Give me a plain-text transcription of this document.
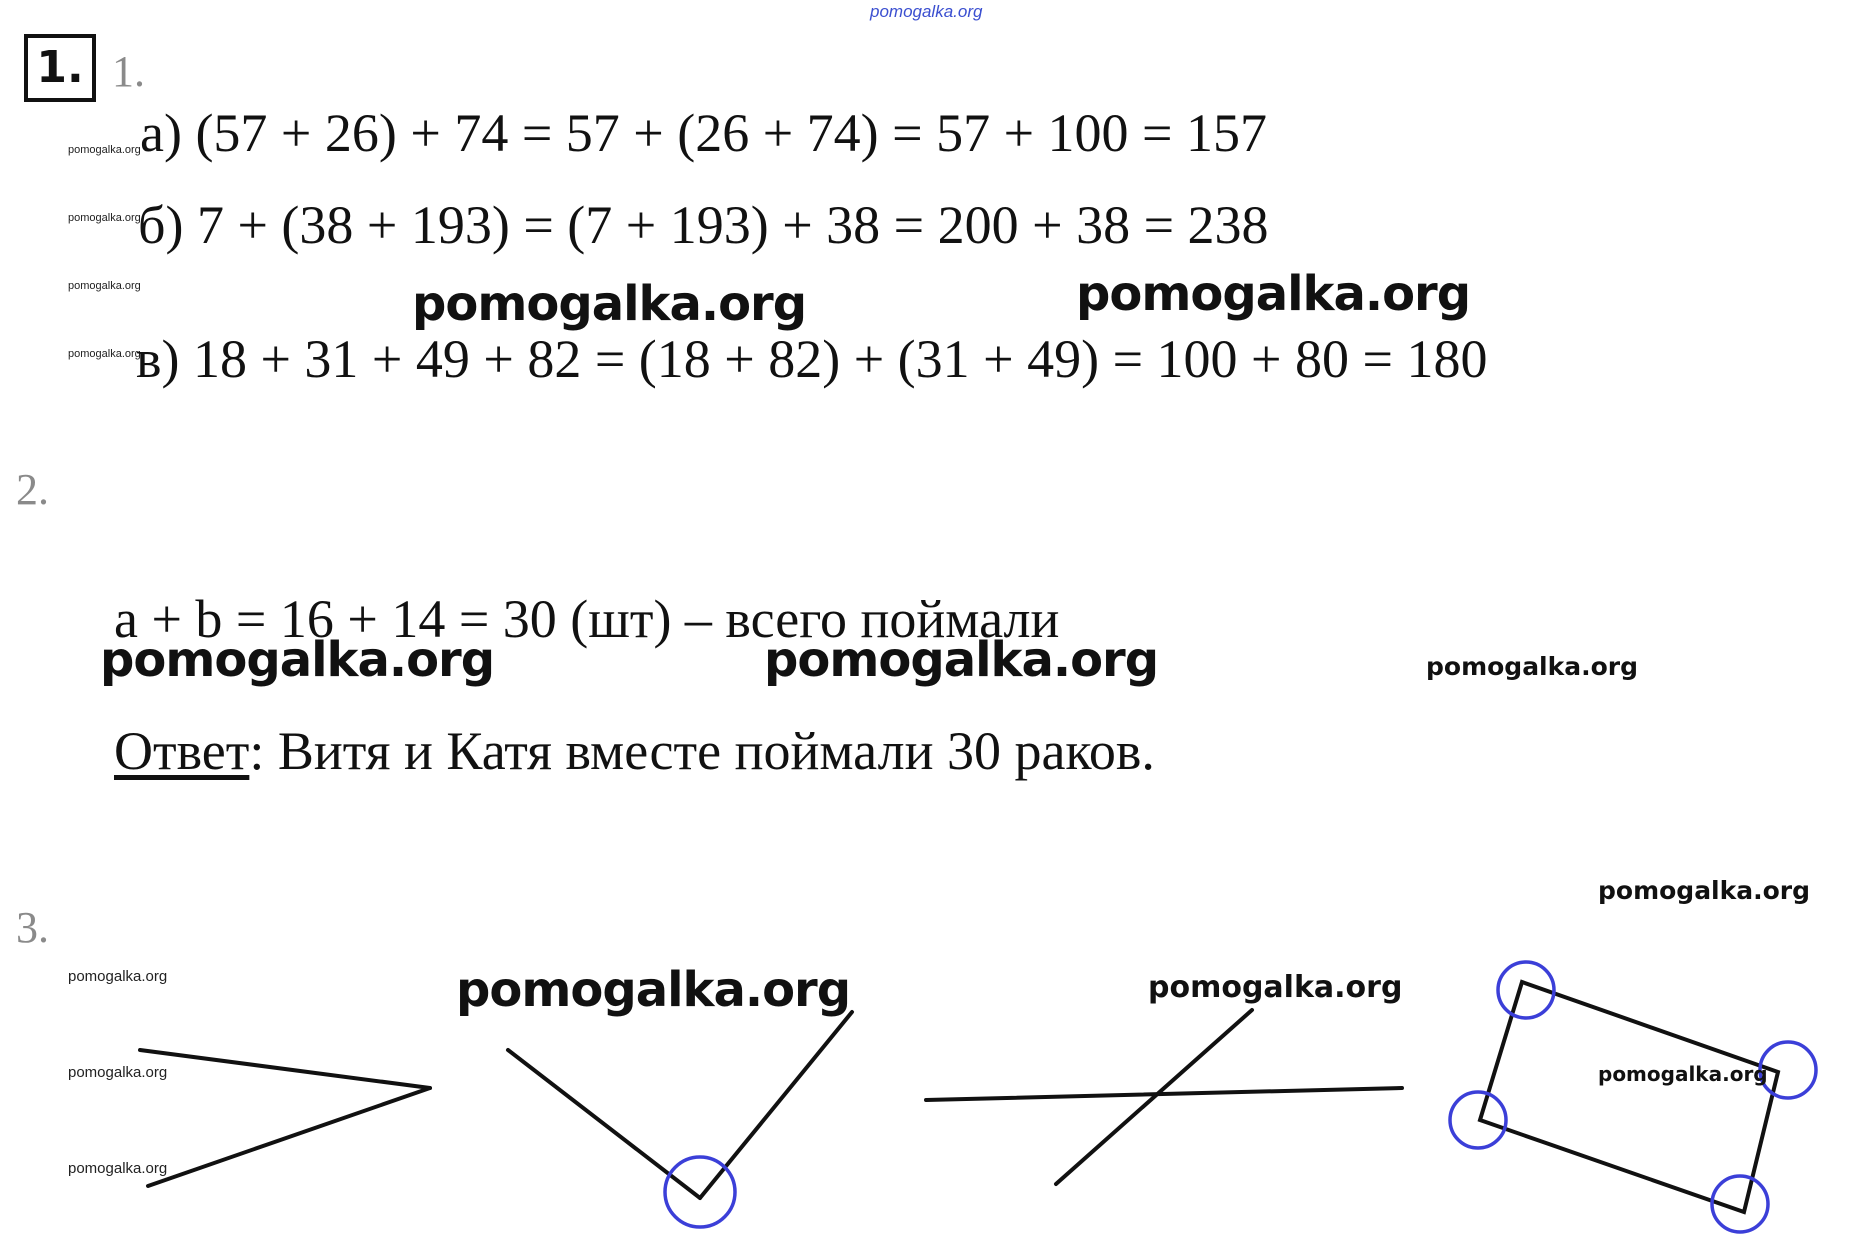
pomogalka.org
1. 1.
pomogalka.org а) (57 + 26) + 74 = 57 + (26 + 74) = 57 + 100 = 157
pomogalka.org
б) 7 + (38 + 193) = (7 + 193) + 38 = 200 + 38 = 238
pomogalka.org	pomogalka.org	pomogalka.org
pomogalka.org
в) 18 + 31 + 49 + 82 = (18 + 82) + (31 + 49) = 100 + 80 = 180
2.
a + b = 16 + 14 = 30 (шт) – всего поймали
pomogalka.org	pomogalka.org	pomogalka.org
Ответ: Витя и Катя вместе поймали 30 раков.
pomogalka.org
3.
pomogalka.org
pomogalka.org
pomogalka.org
pomogalka.org	pomogalka.org
pomogalka.org
